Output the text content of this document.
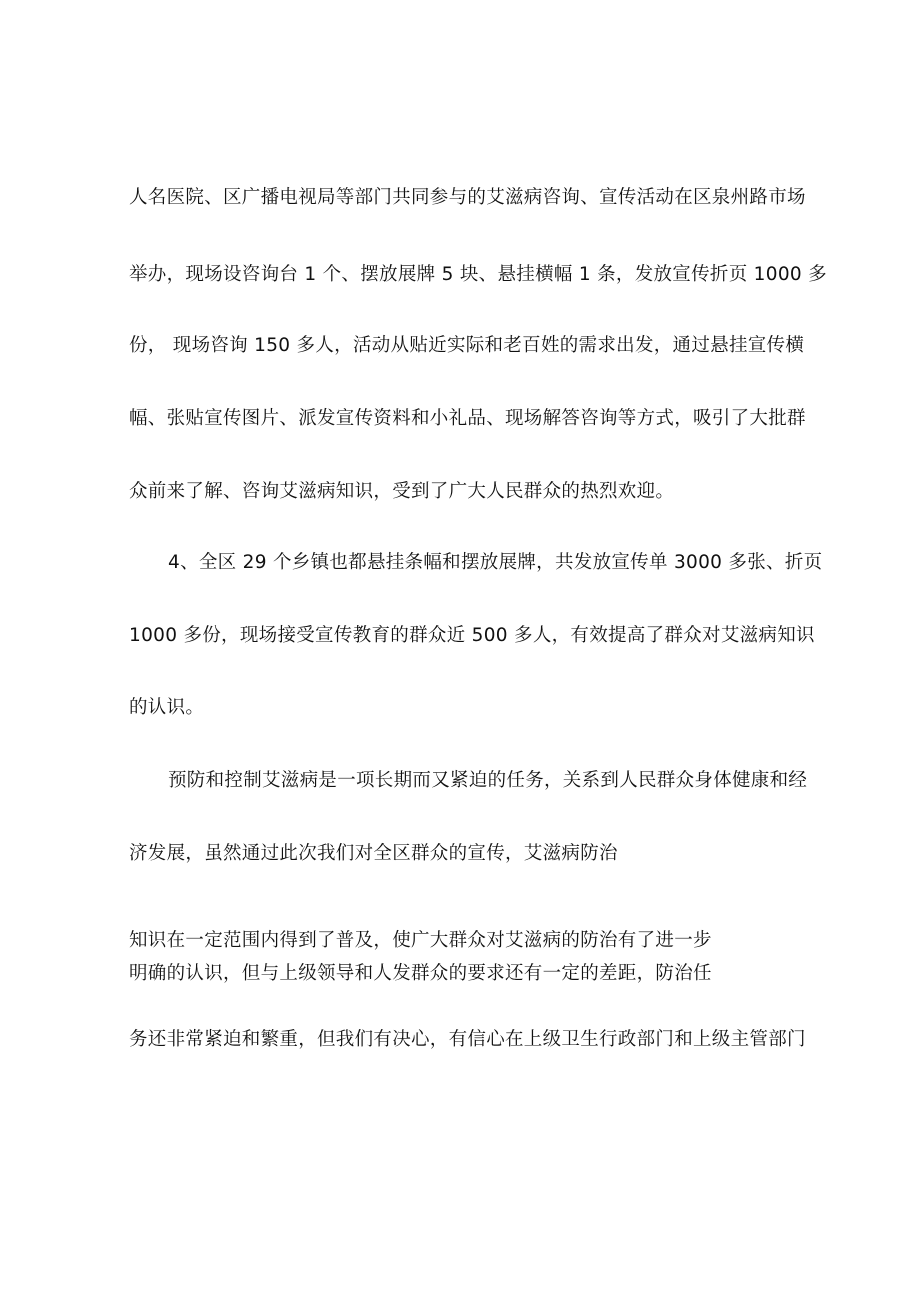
人名医院、区广播电视局等部门共同参与的艾滋病咨询、宣传活动在区泉州路市场
举办，现场设咨询台 1 个、摆放展牌 5 块、悬挂横幅 1 条，发放宣传折页 1000 多
份， 现场咨询 150 多人，活动从贴近实际和老百姓的需求出发，通过悬挂宣传横
幅、张贴宣传图片、派发宣传资料和小礼品、现场解答咨询等方式，吸引了大批群
众前来了解、咨询艾滋病知识，受到了广大人民群众的热烈欢迎。
4、全区 29 个乡镇也都悬挂条幅和摆放展牌，共发放宣传单 3000 多张、折页
1000 多份，现场接受宣传教育的群众近 500 多人，有效提高了群众对艾滋病知识
的认识。
预防和控制艾滋病是一项长期而又紧迫的任务，关系到人民群众身体健康和经
济发展，虽然通过此次我们对全区群众的宣传，艾滋病防治
知识在一定范围内得到了普及，使广大群众对艾滋病的防治有了进一步
明确的认识，但与上级领导和人发群众的要求还有一定的差距，防治任
务还非常紧迫和繁重，但我们有决心，有信心在上级卫生行政部门和上级主管部门
